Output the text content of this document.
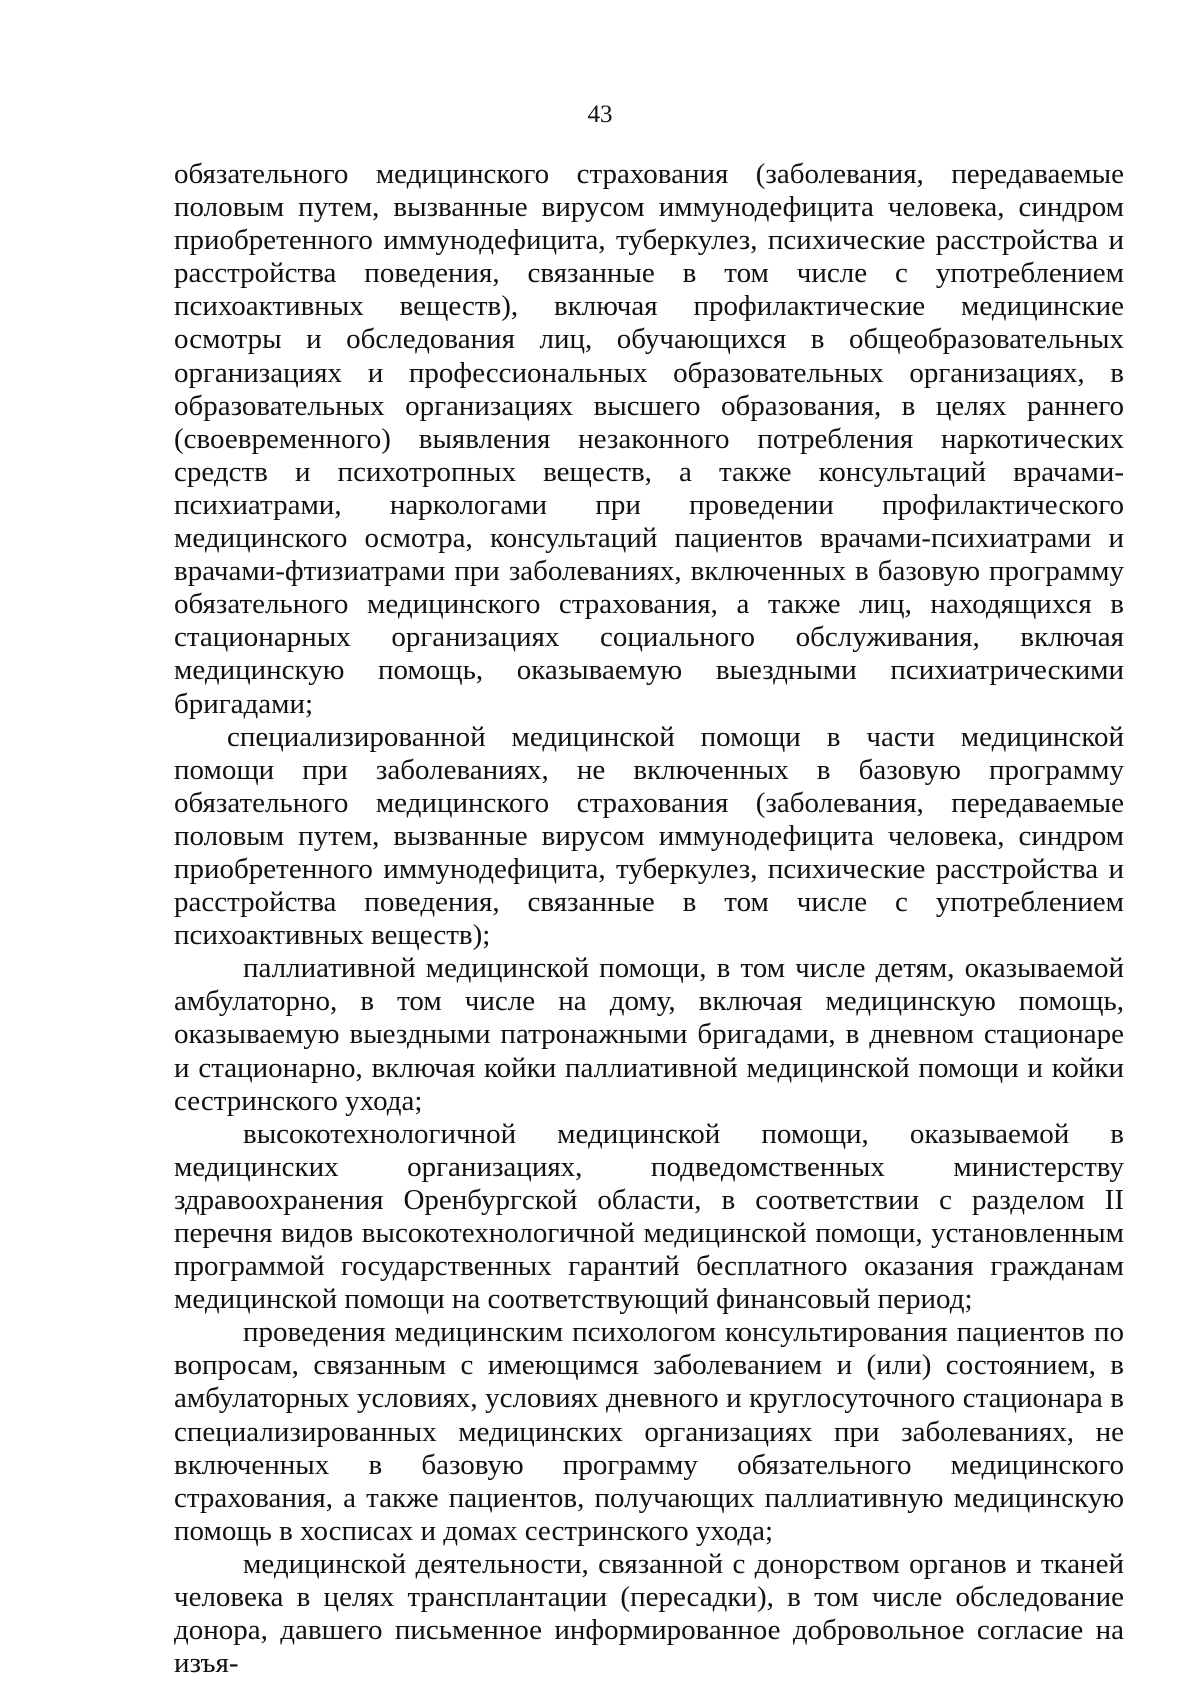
43

обязательного медицинского страхования (заболевания, передаваемые половым путем, вызванные вирусом иммунодефицита человека, синдром приобретенного иммунодефицита, туберкулез, психические расстройства и расстройства поведения, связанные в том числе с употреблением психоактивных веществ), включая профилактические медицинские осмотры и обследования лиц, обучающихся в общеобразовательных организациях и профессиональных образовательных организациях, в образовательных организациях высшего образования, в целях раннего (своевременного) выявления незаконного потребления наркотических средств и психотропных веществ, а также консультаций врачами-психиатрами, наркологами при проведении профилактического медицинского осмотра, консультаций пациентов врачами-психиатрами и врачами-фтизиатрами при заболеваниях, включенных в базовую программу обязательного медицинского страхования, а также лиц, находящихся в стационарных организациях социального обслуживания, включая медицинскую помощь, оказываемую выездными психиатрическими бригадами;

специализированной медицинской помощи в части медицинской помощи при заболеваниях, не включенных в базовую программу обязательного медицинского страхования (заболевания, передаваемые половым путем, вызванные вирусом иммунодефицита человека, синдром приобретенного иммунодефицита, туберкулез, психические расстройства и расстройства поведения, связанные в том числе с употреблением психоактивных веществ);

паллиативной медицинской помощи, в том числе детям, оказываемой амбулаторно, в том числе на дому, включая медицинскую помощь, оказываемую выездными патронажными бригадами, в дневном стационаре и стационарно, включая койки паллиативной медицинской помощи и койки сестринского ухода;

высокотехнологичной медицинской помощи, оказываемой в медицинских организациях, подведомственных министерству здравоохранения Оренбургской области, в соответствии с разделом II перечня видов высокотехнологичной медицинской помощи, установленным программой государственных гарантий бесплатного оказания гражданам медицинской помощи на соответствующий финансовый период;

проведения медицинским психологом консультирования пациентов по вопросам, связанным с имеющимся заболеванием и (или) состоянием, в амбулаторных условиях, условиях дневного и круглосуточного стационара в специализированных медицинских организациях при заболеваниях, не включенных в базовую программу обязательного медицинского страхования, а также пациентов, получающих паллиативную медицинскую помощь в хосписах и домах сестринского ухода;

медицинской деятельности, связанной с донорством органов и тканей человека в целях трансплантации (пересадки), в том числе обследование донора, давшего письменное информированное добровольное согласие на изъя-
